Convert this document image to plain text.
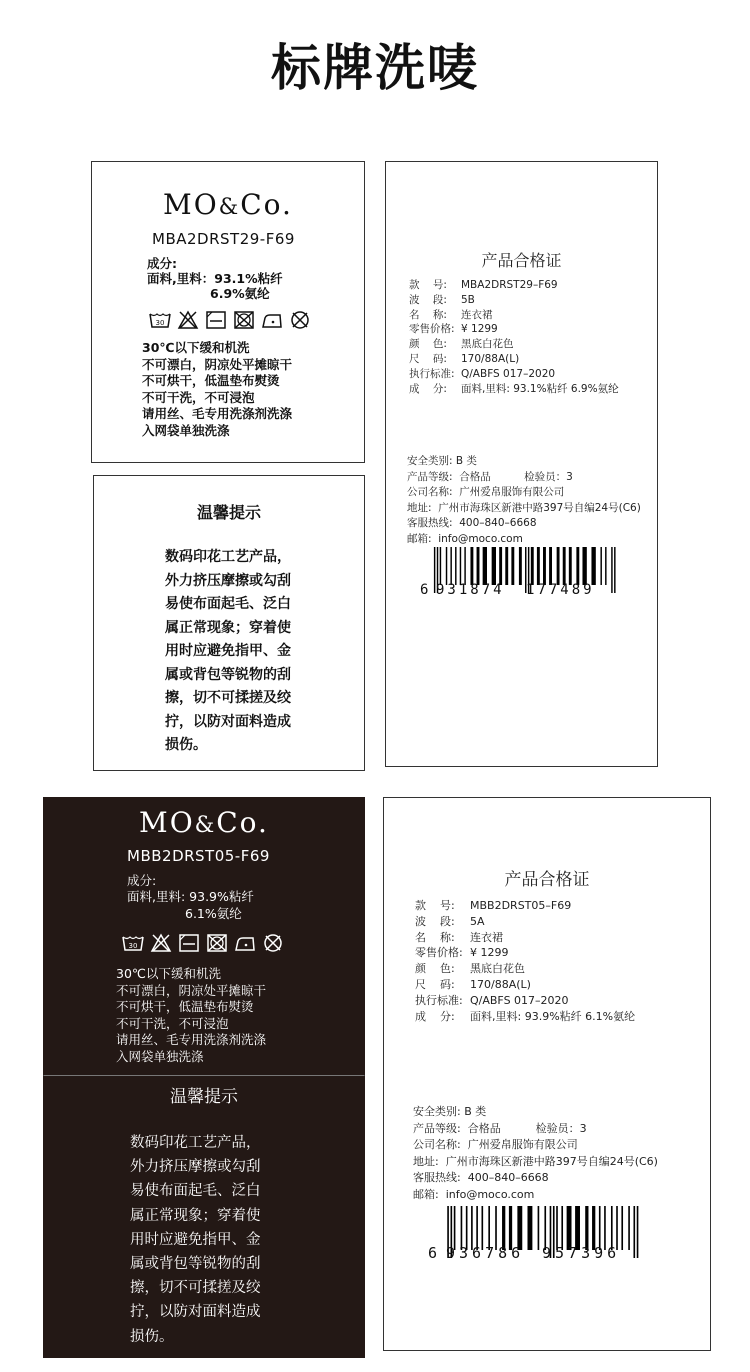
标牌洗唛
MO&Co.
MBA2DRST29-F69
成分:
面料,里料：93.1%粘纤
6.9%氨纶
30
30℃以下缓和机洗
不可漂白，阴凉处平摊晾干
不可烘干，低温垫布熨烫
不可干洗，不可浸泡
请用丝、毛专用洗涤剂洗涤
入网袋单独洗涤
温馨提示
数码印花工艺产品，
外力挤压摩擦或勾刮
易使布面起毛、泛白
属正常现象；穿着使
用时应避免指甲、金
属或背包等锐物的刮
擦，切不可揉搓及绞
拧，以防对面料造成
损伤。
产品合格证
款    号: MBA2DRST29–F69
波    段: 5B
名    称: 连衣裙
零售价格: ¥ 1299
颜    色: 黑底白花色
尺    码: 170/88A(L)
执行标准: Q/ABFS 017–2020
成    分: 面料,里料: 93.1%粘纤 6.9%氨纶
安全类别: B 类
产品等级:  合格品          检验员：3
公司名称:  广州爱帛服饰有限公司
地址:  广州市海珠区新港中路397号自编24号(C6)
客服热线:  400–840–6668
邮箱:  info@moco.com
6 931874 177489
MO&Co.
MBB2DRST05-F69
成分:
面料,里料: 93.9%粘纤
6.1%氨纶
30
30℃以下缓和机洗
不可漂白，阴凉处平摊晾干
不可烘干，低温垫布熨烫
不可干洗，不可浸泡
请用丝、毛专用洗涤剂洗涤
入网袋单独洗涤
温馨提示
数码印花工艺产品，
外力挤压摩擦或勾刮
易使布面起毛、泛白
属正常现象；穿着使
用时应避免指甲、金
属或背包等锐物的刮
擦，切不可揉搓及绞
拧，以防对面料造成
损伤。
产品合格证
款    号: MBB2DRST05–F69
波    段: 5A
名    称: 连衣裙
零售价格: ¥ 1299
颜    色: 黑底白花色
尺    码: 170/88A(L)
执行标准: Q/ABFS 017–2020
成    分: 面料,里料: 93.9%粘纤 6.1%氨纶
安全类别: B 类
产品等级:  合格品          检验员：3
公司名称:  广州爱帛服饰有限公司
地址:  广州市海珠区新港中路397号自编24号(C6)
客服热线:  400–840–6668
邮箱:  info@moco.com
6 936786 957396
